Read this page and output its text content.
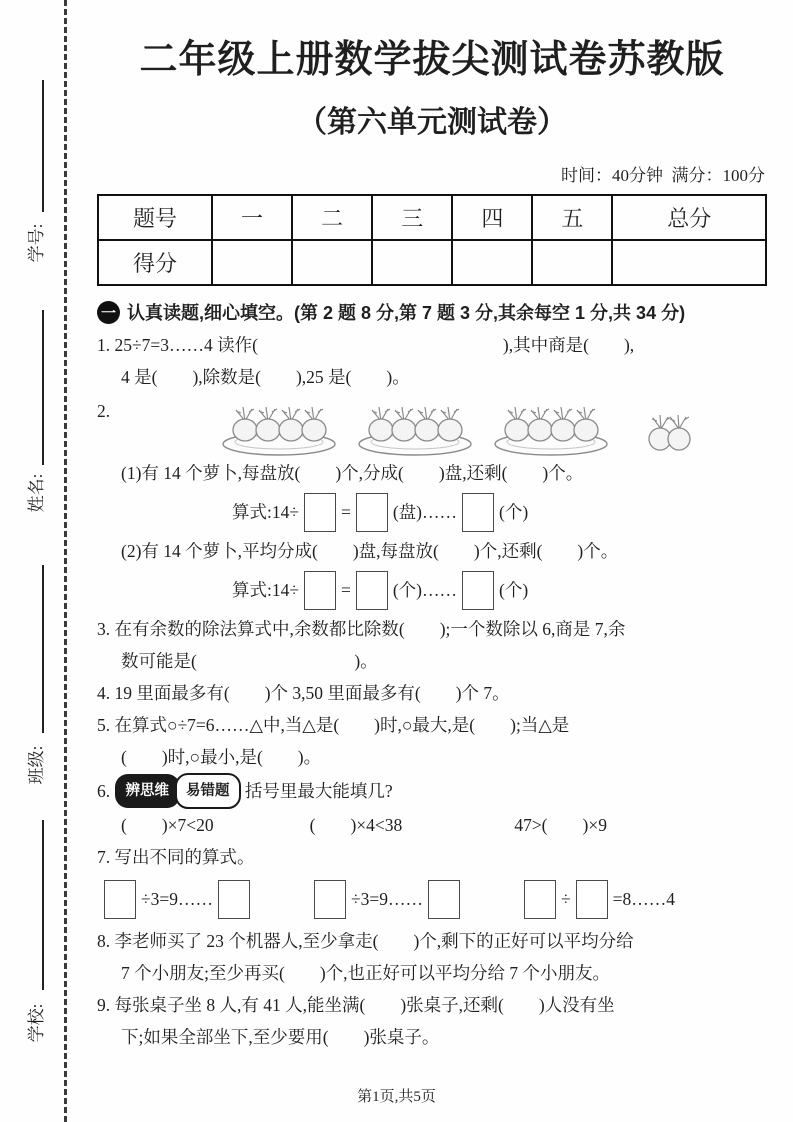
学号:
姓名:
班级:
学校:
二年级上册数学拔尖测试卷苏教版
（第六单元测试卷）
时间：40分钟  满分：100分
题号	一	二	三	四	五	总分
得分						
一 认真读题,细心填空。(第 2 题 8 分,第 7 题 3 分,其余每空 1 分,共 34 分)
1. 25÷7=3……4 读作(　　　　　　　　　　　　　　),其中商是(　　),
4 是(　　),除数是(　　),25 是(　　)。
2.
(1)有 14 个萝卜,每盘放(　　)个,分成(　　)盘,还剩(　　)个。
算式:14÷ = (盘)…… (个)
(2)有 14 个萝卜,平均分成(　　)盘,每盘放(　　)个,还剩(　　)个。
算式:14÷ = (个)…… (个)
3. 在有余数的除法算式中,余数都比除数(　　);一个数除以 6,商是 7,余
数可能是(　　　　　　　　　)。
4. 19 里面最多有(　　)个 3,50 里面最多有(　　)个 7。
5. 在算式○÷7=6……△中,当△是(　　)时,○最大,是(　　);当△是
(　　)时,○最小,是(　　)。
6. 辨思维 易错题 括号里最大能填几?
(　　)×7<20	(　　)×4<38	47>(　　)×9
7. 写出不同的算式。
÷3=9……	÷3=9……	÷ =8……4
8. 李老师买了 23 个机器人,至少拿走(　　)个,剩下的正好可以平均分给
7 个小朋友;至少再买(　　)个,也正好可以平均分给 7 个小朋友。
9. 每张桌子坐 8 人,有 41 人,能坐满(　　)张桌子,还剩(　　)人没有坐
下;如果全部坐下,至少要用(　　)张桌子。
第1页,共5页
